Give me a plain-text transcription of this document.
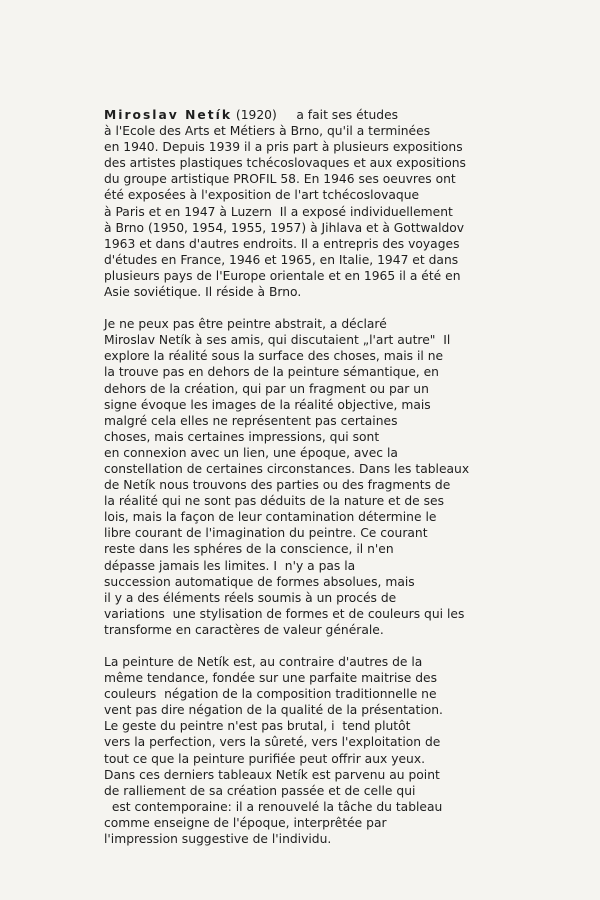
Miroslav Netík (1920)     a fait ses études
à l'Ecole des Arts et Métiers à Brno, qu'il a terminées
en 1940. Depuis 1939 il a pris part à plusieurs expositions
des artistes plastiques tchécoslovaques et aux expositions
du groupe artistique PROFIL 58. En 1946 ses oeuvres ont
été exposées à l'exposition de l'art tchécoslovaque
à Paris et en 1947 à Luzern  Il a exposé individuellement
à Brno (1950, 1954, 1955, 1957) à Jihlava et à Gottwaldov
1963 et dans d'autres endroits. Il a entrepris des voyages
d'études en France, 1946 et 1965, en Italie, 1947 et dans
plusieurs pays de l'Europe orientale et en 1965 il a été en
Asie soviétique. Il réside à Brno.
Je ne peux pas être peintre abstrait, a déclaré
Miroslav Netík à ses amis, qui discutaient „l'art autre"  Il
explore la réalité sous la surface des choses, mais il ne
la trouve pas en dehors de la peinture sémantique, en
dehors de la création, qui par un fragment ou par un
signe évoque les images de la réalité objective, mais
malgré cela elles ne représentent pas certaines
choses, mais certaines impressions, qui sont
en connexion avec un lien, une époque, avec la
constellation de certaines circonstances. Dans les tableaux
de Netík nous trouvons des parties ou des fragments de
la réalité qui ne sont pas déduits de la nature et de ses
lois, mais la façon de leur contamination détermine le
libre courant de l'imagination du peintre. Ce courant
reste dans les sphéres de la conscience, il n'en
dépasse jamais les limites. I  n'y a pas la
succession automatique de formes absolues, mais
il y a des éléments réels soumis à un procés de
variations  une stylisation de formes et de couleurs qui les
transforme en caractères de valeur générale.
La peinture de Netík est, au contraire d'autres de la
même tendance, fondée sur une parfaite maitrise des
couleurs  négation de la composition traditionnelle ne
vent pas dire négation de la qualité de la présentation.
Le geste du peintre n'est pas brutal, i  tend plutôt
vers la perfection, vers la sûreté, vers l'exploitation de
tout ce que la peinture purifiée peut offrir aux yeux.
Dans ces derniers tableaux Netík est parvenu au point
de ralliement de sa création passée et de celle qui
est contemporaine: il a renouvelé la tâche du tableau
comme enseigne de l'époque, interprêtée par
l'impression suggestive de l'individu.
